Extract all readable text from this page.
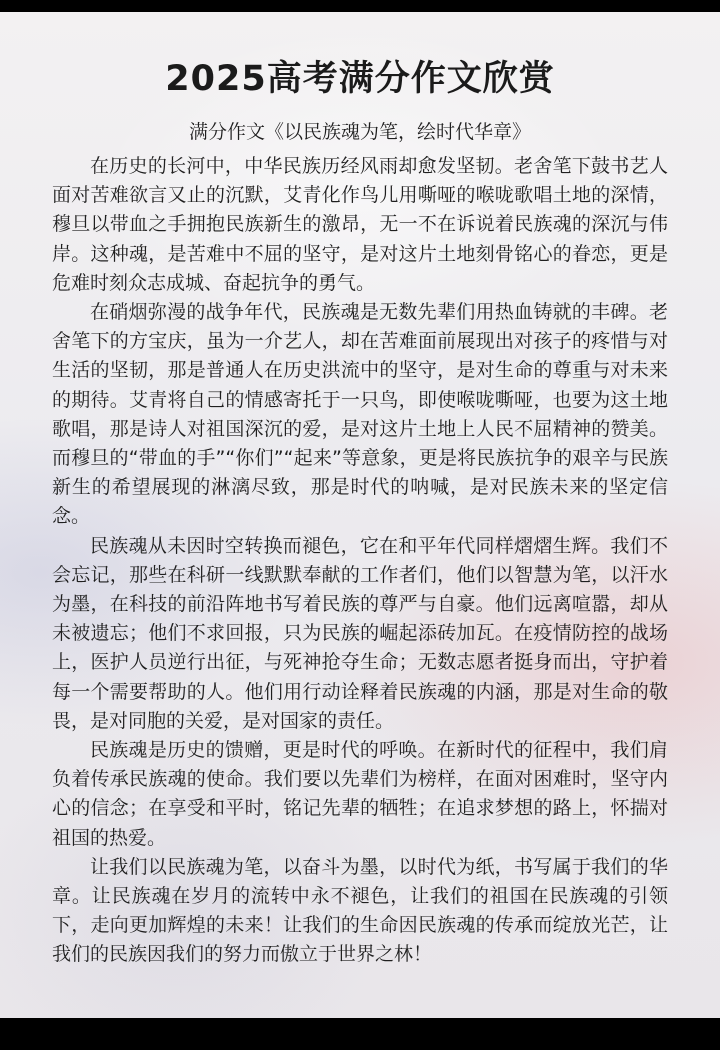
2025高考满分作文欣赏
满分作文《以民族魂为笔，绘时代华章》

在历史的长河中，中华民族历经风雨却愈发坚韧。老舍笔下鼓书艺人面对苦难欲言又止的沉默，艾青化作鸟儿用嘶哑的喉咙歌唱土地的深情，穆旦以带血之手拥抱民族新生的激昂，无一不在诉说着民族魂的深沉与伟岸。这种魂，是苦难中不屈的坚守，是对这片土地刻骨铭心的眷恋，更是危难时刻众志成城、奋起抗争的勇气。

在硝烟弥漫的战争年代，民族魂是无数先辈们用热血铸就的丰碑。老舍笔下的方宝庆，虽为一介艺人，却在苦难面前展现出对孩子的疼惜与对生活的坚韧，那是普通人在历史洪流中的坚守，是对生命的尊重与对未来的期待。艾青将自己的情感寄托于一只鸟，即使喉咙嘶哑，也要为这土地歌唱，那是诗人对祖国深沉的爱，是对这片土地上人民不屈精神的赞美。而穆旦的“带血的手”“你们”“起来”等意象，更是将民族抗争的艰辛与民族新生的希望展现的淋漓尽致，那是时代的呐喊，是对民族未来的坚定信念。

民族魂从未因时空转换而褪色，它在和平年代同样熠熠生辉。我们不会忘记，那些在科研一线默默奉献的工作者们，他们以智慧为笔，以汗水为墨，在科技的前沿阵地书写着民族的尊严与自豪。他们远离喧嚣，却从未被遗忘；他们不求回报，只为民族的崛起添砖加瓦。在疫情防控的战场上，医护人员逆行出征，与死神抢夺生命；无数志愿者挺身而出，守护着每一个需要帮助的人。他们用行动诠释着民族魂的内涵，那是对生命的敬畏，是对同胞的关爱，是对国家的责任。

民族魂是历史的馈赠，更是时代的呼唤。在新时代的征程中，我们肩负着传承民族魂的使命。我们要以先辈们为榜样，在面对困难时，坚守内心的信念；在享受和平时，铭记先辈的牺牲；在追求梦想的路上，怀揣对祖国的热爱。

让我们以民族魂为笔，以奋斗为墨，以时代为纸，书写属于我们的华章。让民族魂在岁月的流转中永不褪色，让我们的祖国在民族魂的引领下，走向更加辉煌的未来！让我们的生命因民族魂的传承而绽放光芒，让我们的民族因我们的努力而傲立于世界之林！
